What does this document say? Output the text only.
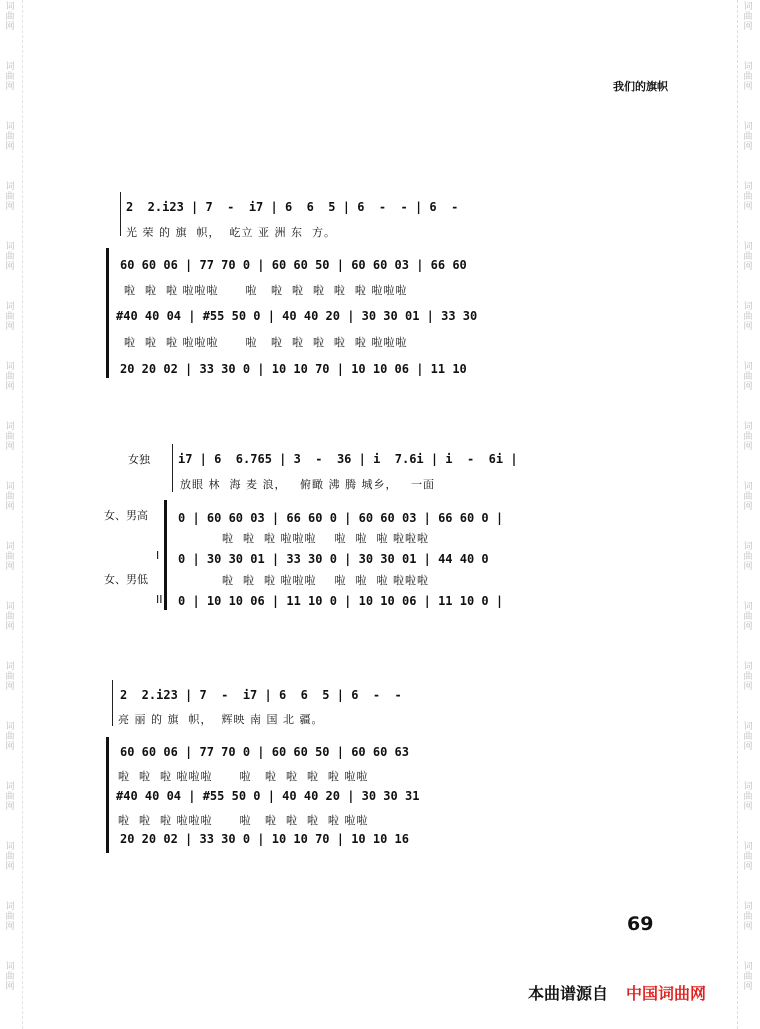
词
曲
网
词
曲
网
词
曲
网
词
曲
网
词
曲
网
词
曲
网
词
曲
网
词
曲
网
词
曲
网
词
曲
网
词
曲
网
词
曲
网
词
曲
网
词
曲
网
词
曲
网
词
曲
网
词
曲
网
词
曲
网
词
曲
网
词
曲
网
词
曲
网
词
曲
网
词
曲
网
词
曲
网
词
曲
网
词
曲
网
词
曲
网
词
曲
网
词
曲
网
词
曲
网
词
曲
网
词
曲
网
词
曲
网
词
曲
网
我们的旗帜
2  2.i23 | 7  -  i7 | 6  6  5 | 6  -  - | 6  -
光 荣 的 旗  帜，  屹立 亚 洲 东  方。
60 60 06 | 77 70 0 | 60 60 50 | 60 60 03 | 66 60
啦  啦  啦 啦啦啦      啦   啦  啦  啦  啦  啦 啦啦啦
#40 40 04 | #55 50 0 | 40 40 20 | 30 30 01 | 33 30
啦  啦  啦 啦啦啦      啦   啦  啦  啦  啦  啦 啦啦啦
20 20 02 | 33 30 0 | 10 10 70 | 10 10 06 | 11 10
女独 i7 | 6  6.765 | 3  -  36 | i  7.6i | i  -  6i |
放眼 林  海 麦 浪，   俯瞰 沸 腾 城乡，   一面
女、男高
女、男低
0 | 60 60 03 | 66 60 0 | 60 60 03 | 66 60 0 |
啦  啦  啦 啦啦啦    啦  啦  啦 啦啦啦
I 0 | 30 30 01 | 33 30 0 | 30 30 01 | 44 40 0
啦  啦  啦 啦啦啦    啦  啦  啦 啦啦啦
II 0 | 10 10 06 | 11 10 0 | 10 10 06 | 11 10 0 |
2  2.i23 | 7  -  i7 | 6  6  5 | 6  -  -
亮 丽 的 旗  帜，  辉映 南 国 北 疆。
60 60 06 | 77 70 0 | 60 60 50 | 60 60 63
啦  啦  啦 啦啦啦      啦   啦  啦  啦  啦 啦啦
#40 40 04 | #55 50 0 | 40 40 20 | 30 30 31
啦  啦  啦 啦啦啦      啦   啦  啦  啦  啦 啦啦
20 20 02 | 33 30 0 | 10 10 70 | 10 10 16
69
本曲谱源自 中国词曲网
